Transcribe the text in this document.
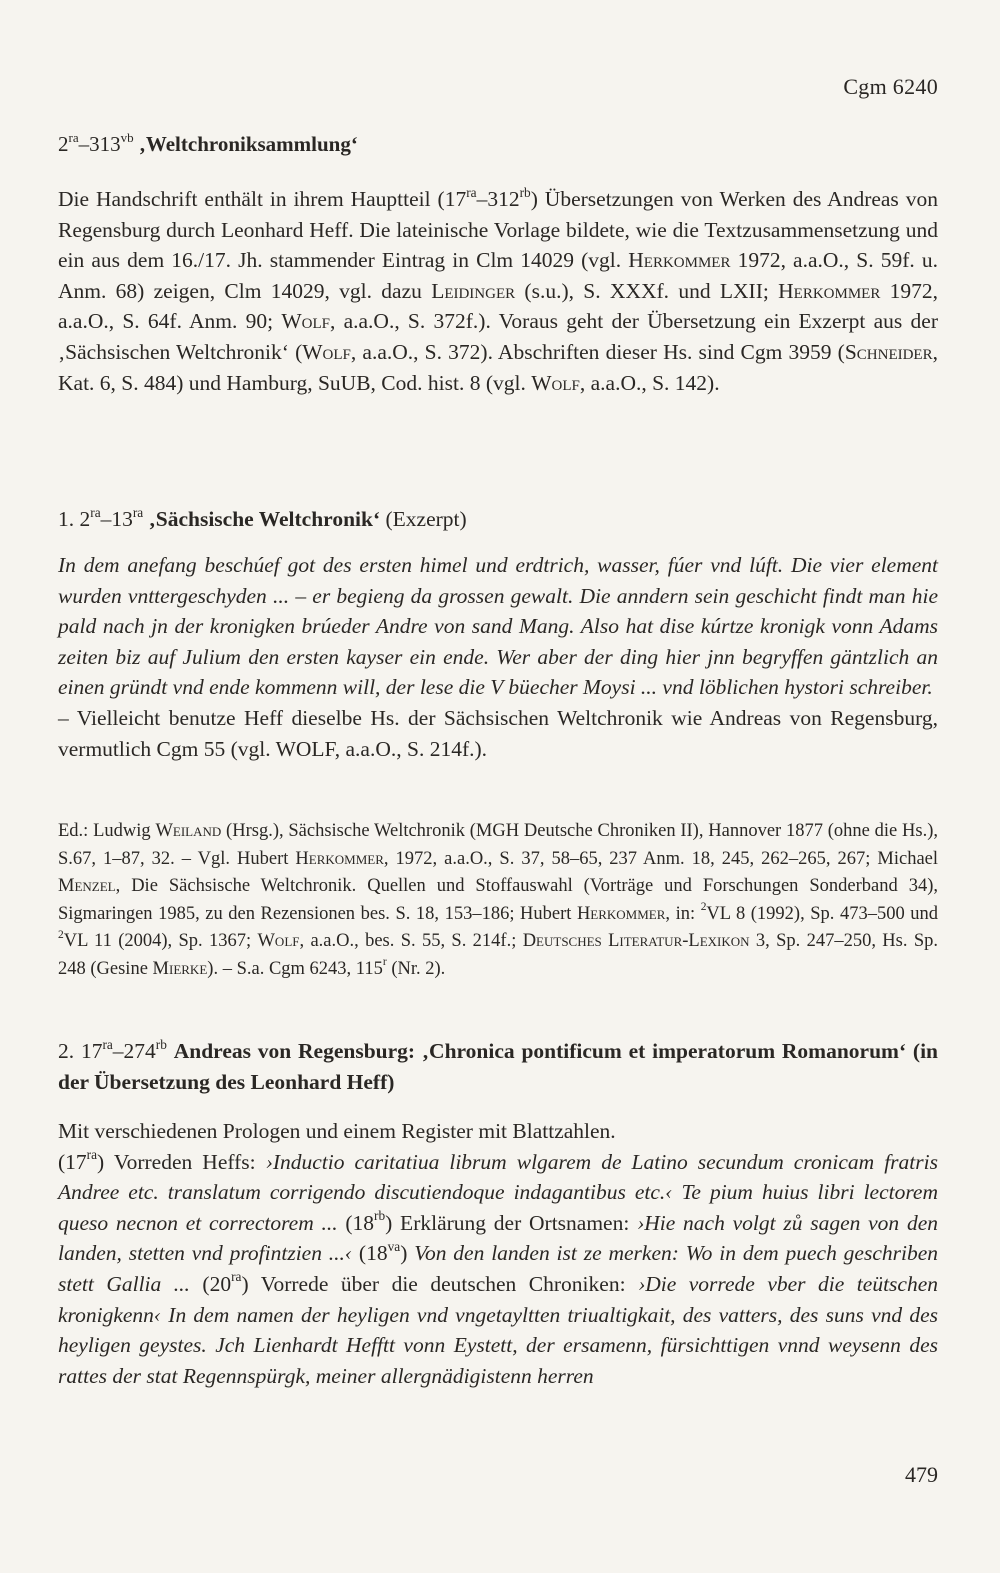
Cgm 6240
$2^{ra}-313^{vb}$ ‚Weltchroniksammlung‘

Die Handschrift enthält in ihrem Hauptteil $(17^{ra}-312^{rb})$ Übersetzungen von Werken des Andreas von Regensburg durch Leonhard Heff. Die lateinische Vorlage bildete, wie die Textzusammensetzung und ein aus dem 16./17. Jh. stammender Eintrag in Clm 14029 (vgl. Herkommer 1972, a.a.O., S. 59f. u. Anm. 68) zeigen, Clm 14029, vgl. dazu Leidinger (s.u.), S. XXXf. und LXII; Herkommer 1972, a.a.O., S. 64f. Anm. 90; Wolf, a.a.O., S. 372f.). Voraus geht der Übersetzung ein Exzerpt aus der ‚Sächsischen Weltchronik‘ (Wolf, a.a.O., S. 372). Abschriften dieser Hs. sind Cgm 3959 (Schneider, Kat. 6, S. 484) und Hamburg, SuUB, Cod. hist. 8 (vgl. Wolf, a.a.O., S. 142).

1. $2^{ra}-13^{ra}$ ‚Sächsische Weltchronik‘ (Exzerpt)

In dem anefang beschúef got des ersten himel und erdtrich, wasser, fúer vnd lúft. Die vier element wurden vnttergeschyden ... – er begieng da grossen gewalt. Die anndern sein geschicht findt man hie pald nach jn der kronigken brúeder Andre von sand Mang. Also hat dise kúrtze kronigk vonn Adams zeiten biz auf Julium den ersten kayser ein ende. Wer aber der ding hier jnn begryffen gäntzlich an einen gründt vnd ende kommenn will, der lese die V büecher Moysi ... vnd löblichen hystori schreiber.

– Vielleicht benutze Heff dieselbe Hs. der Sächsischen Weltchronik wie Andreas von Regensburg, vermutlich Cgm 55 (vgl. WOLF, a.a.O., S. 214f.).

Ed.: Ludwig Weiland (Hrsg.), Sächsische Weltchronik (MGH Deutsche Chroniken II), Hannover 1877 (ohne die Hs.), S.67, 1–87, 32. – Vgl. Hubert Herkommer, 1972, a.a.O., S. 37, 58–65, 237 Anm. 18, 245, 262–265, 267; Michael Menzel, Die Sächsische Weltchronik. Quellen und Stoffauswahl (Vorträge und Forschungen Sonderband 34), Sigmaringen 1985, zu den Rezensionen bes. S. 18, 153–186; Hubert Herkommer, in: $^2$VL 8 (1992), Sp. 473–500 und $^2$VL 11 (2004), Sp. 1367; Wolf, a.a.O., bes. S. 55, S. 214f.; Deutsches Literatur-Lexikon 3, Sp. 247–250, Hs. Sp. 248 (Gesine Mierke). – S.a. Cgm 6243, 115$^r$ (Nr. 2).

2. $17^{ra}-274^{rb}$ Andreas von Regensburg: ‚Chronica pontificum et imperatorum Romanorum‘ (in der Übersetzung des Leonhard Heff)

Mit verschiedenen Prologen und einem Register mit Blattzahlen.

$(17^{ra})$ Vorreden Heffs: ›Inductio caritatiua librum wlgarem de Latino secundum cronicam fratris Andree etc. translatum corrigendo discutiendoque indagantibus etc.‹ Te pium huius libri lectorem queso necnon et correctorem ... $(18^{rb})$ Erklärung der Ortsnamen: ›Hie nach volgt zů sagen von den landen, stetten vnd profintzien ...‹ $(18^{va})$ Von den landen ist ze merken: Wo in dem puech geschriben stett Gallia ... $(20^{ra})$ Vorrede über die deutschen Chroniken: ›Die vorrede vber die teütschen kronigkenn‹ In dem namen der heyligen vnd vngetayltten triualtigkait, des vatters, des suns vnd des heyligen geystes. Jch Lienhardt Hefftt vonn Eystett, der ersamenn, fürsichttigen vnnd weysenn des rattes der stat Regennspürgk, meiner allergnädigistenn herren

479
